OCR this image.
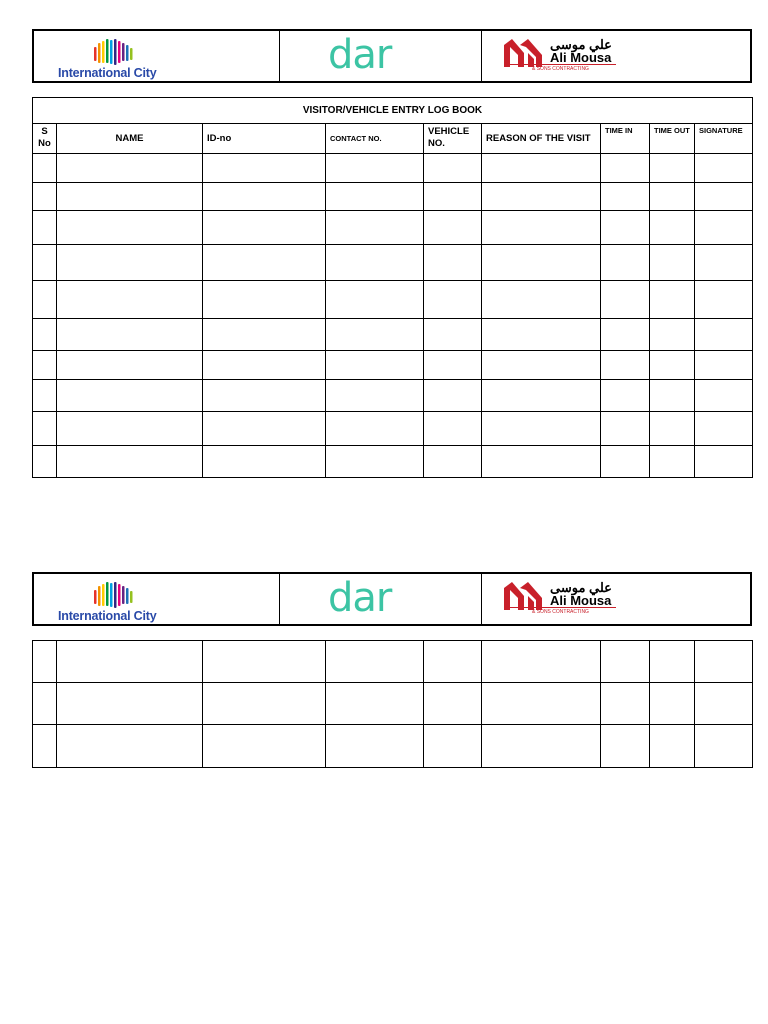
International City	dar	علي موسى
Ali Mousa
& SONS CONTRACTING
VISITOR/VEHICLE ENTRY LOG BOOK								
S No	NAME	ID-no	CONTACT NO.	VEHICLE NO.	REASON OF THE VISIT	TIME IN	TIME OUT	SIGNATURE

International City	dar	علي موسى
Ali Mousa
& SONS CONTRACTING
